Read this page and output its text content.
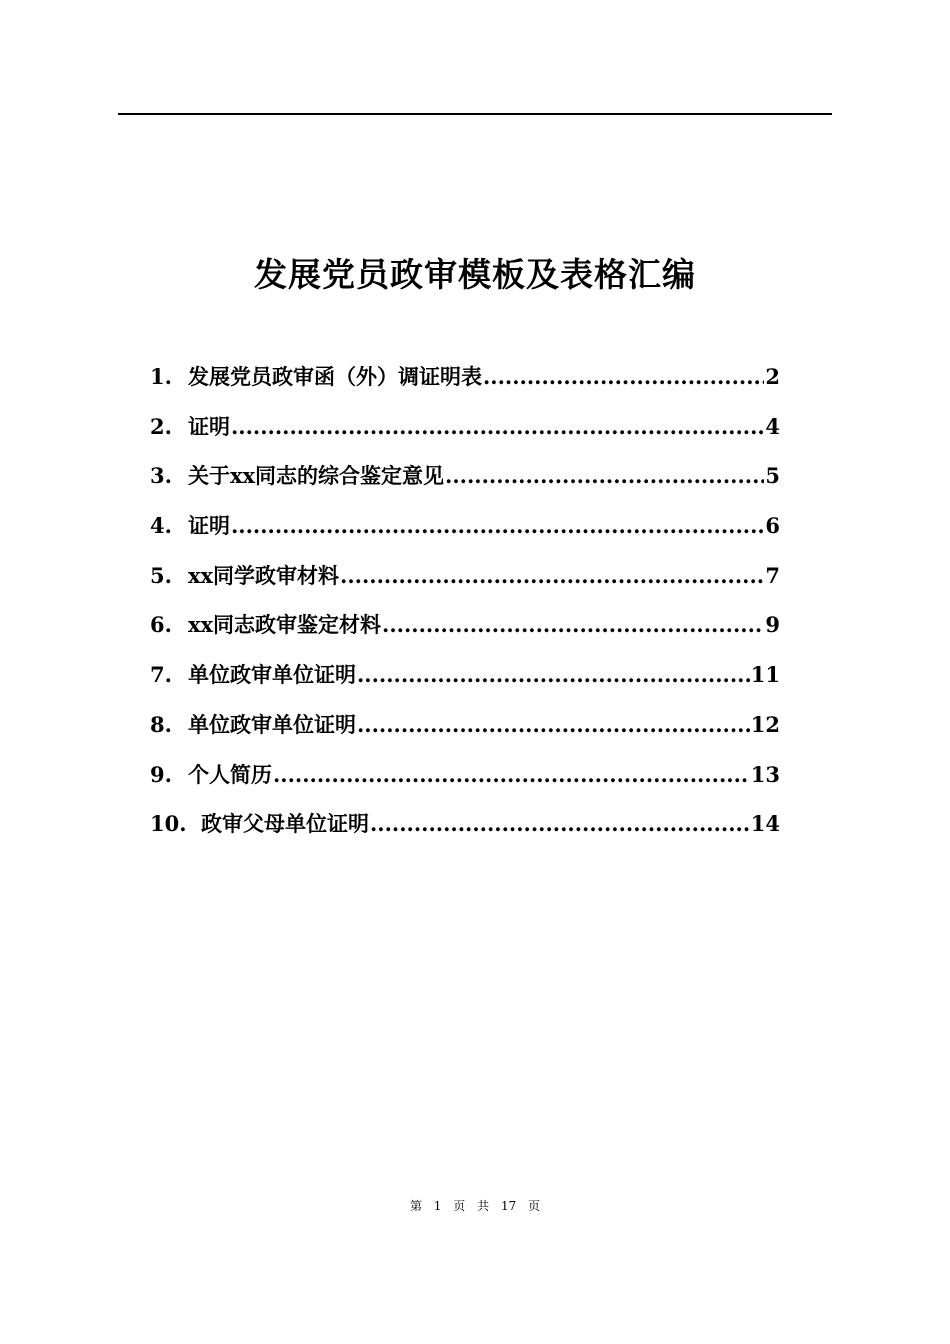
发展党员政审模板及表格汇编
1. 发展党员政审函（外）调证明表 .....	2
2. 证明 .....	4
3. 关于xx同志的综合鉴定意见 .....	5
4. 证明 .....	6
5. xx同学政审材料 .....	7
6. xx同志政审鉴定材料 .....	9
7. 单位政审单位证明 .....	11
8. 单位政审单位证明 .....	12
9. 个人简历 .....	13
10. 政审父母单位证明 .....	14
第 1 页 共 17 页
